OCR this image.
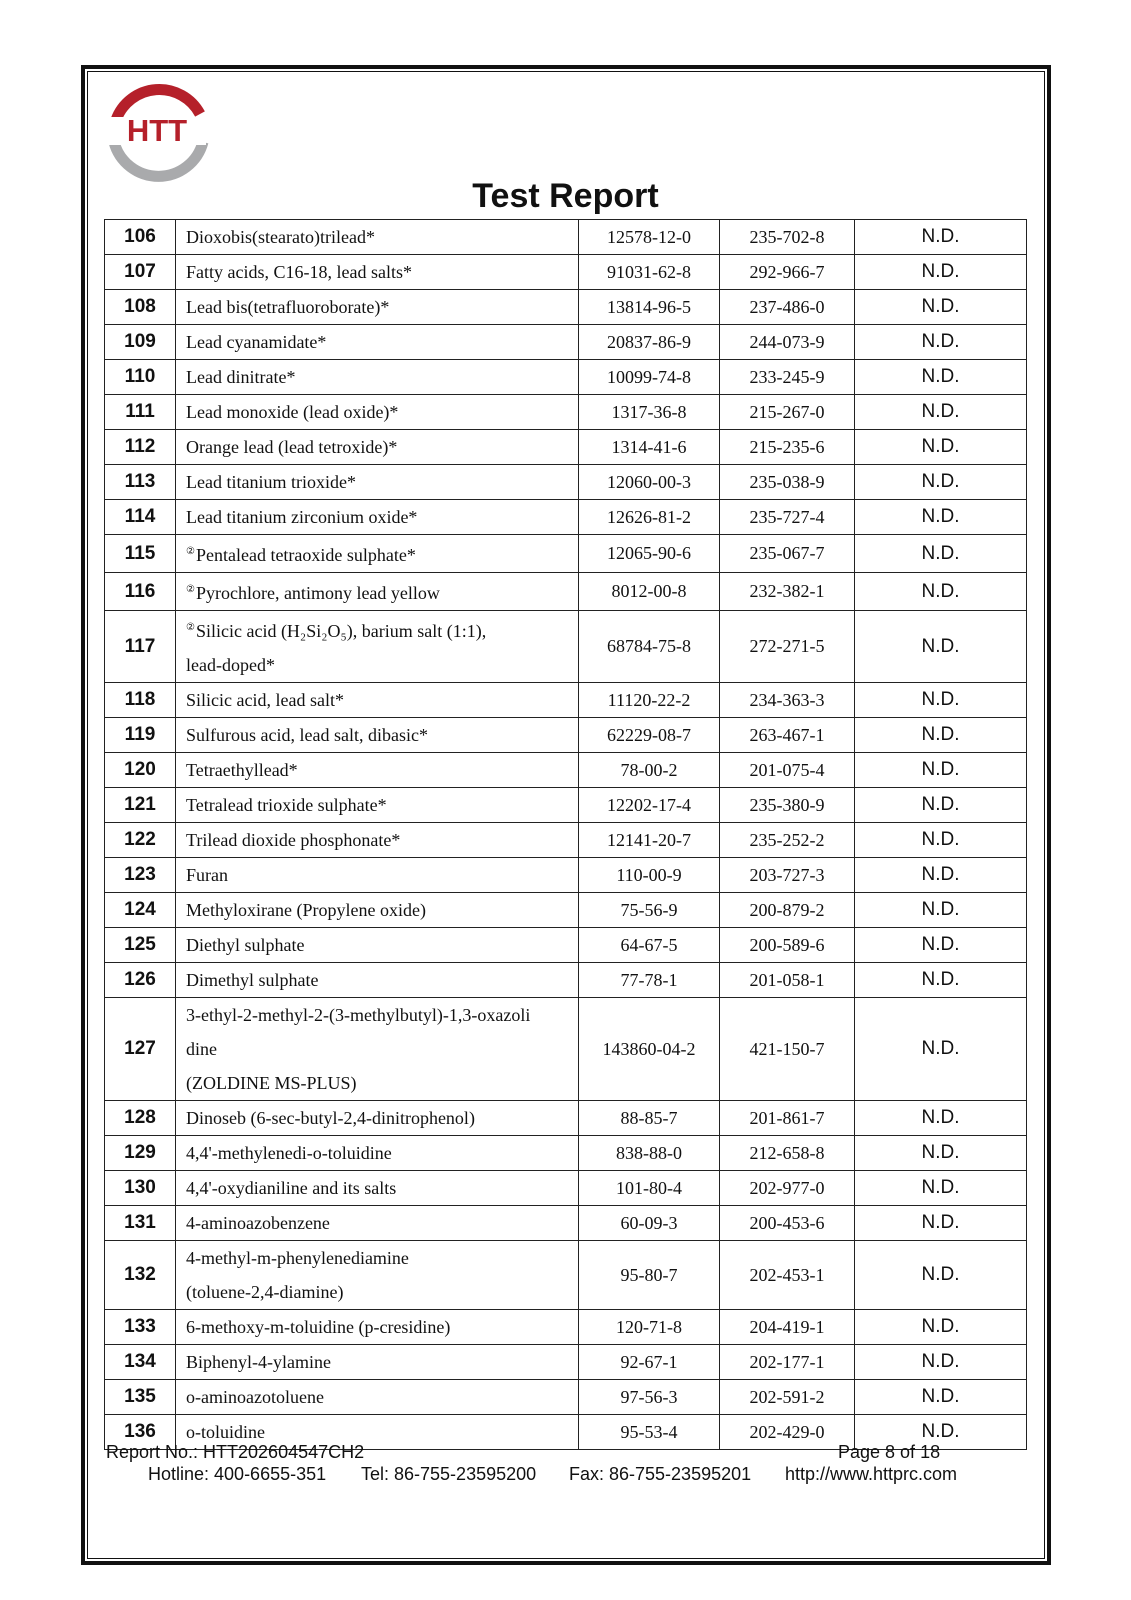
HTT
Test Report
106	Dioxobis(stearato)trilead*	12578-12-0	235-702-8	N.D.
107	Fatty acids, C16-18, lead salts*	91031-62-8	292-966-7	N.D.
108	Lead bis(tetrafluoroborate)*	13814-96-5	237-486-0	N.D.
109	Lead cyanamidate*	20837-86-9	244-073-9	N.D.
110	Lead dinitrate*	10099-74-8	233-245-9	N.D.
111	Lead monoxide (lead oxide)*	1317-36-8	215-267-0	N.D.
112	Orange lead (lead tetroxide)*	1314-41-6	215-235-6	N.D.
113	Lead titanium trioxide*	12060-00-3	235-038-9	N.D.
114	Lead titanium zirconium oxide*	12626-81-2	235-727-4	N.D.
115	②Pentalead tetraoxide sulphate*	12065-90-6	235-067-7	N.D.
116	②Pyrochlore, antimony lead yellow	8012-00-8	232-382-1	N.D.
117	②Silicic acid (H₂Si₂O₅), barium salt (1:1),
lead-doped*	68784-75-8	272-271-5	N.D.
118	Silicic acid, lead salt*	11120-22-2	234-363-3	N.D.
119	Sulfurous acid, lead salt, dibasic*	62229-08-7	263-467-1	N.D.
120	Tetraethyllead*	78-00-2	201-075-4	N.D.
121	Tetralead trioxide sulphate*	12202-17-4	235-380-9	N.D.
122	Trilead dioxide phosphonate*	12141-20-7	235-252-2	N.D.
123	Furan	110-00-9	203-727-3	N.D.
124	Methyloxirane (Propylene oxide)	75-56-9	200-879-2	N.D.
125	Diethyl sulphate	64-67-5	200-589-6	N.D.
126	Dimethyl sulphate	77-78-1	201-058-1	N.D.
127	3-ethyl-2-methyl-2-(3-methylbutyl)-1,3-oxazoli
dine
(ZOLDINE MS-PLUS)	143860-04-2	421-150-7	N.D.
128	Dinoseb (6-sec-butyl-2,4-dinitrophenol)	88-85-7	201-861-7	N.D.
129	4,4'-methylenedi-o-toluidine	838-88-0	212-658-8	N.D.
130	4,4'-oxydianiline and its salts	101-80-4	202-977-0	N.D.
131	4-aminoazobenzene	60-09-3	200-453-6	N.D.
132	4-methyl-m-phenylenediamine
(toluene-2,4-diamine)	95-80-7	202-453-1	N.D.
133	6-methoxy-m-toluidine (p-cresidine)	120-71-8	204-419-1	N.D.
134	Biphenyl-4-ylamine	92-67-1	202-177-1	N.D.
135	o-aminoazotoluene	97-56-3	202-591-2	N.D.
136	o-toluidine	95-53-4	202-429-0	N.D.
Report No.: HTT202604547CH2	Page 8 of 18
Hotline: 400-6655-351 Tel: 86-755-23595200 Fax: 86-755-23595201 http://www.httprc.com
